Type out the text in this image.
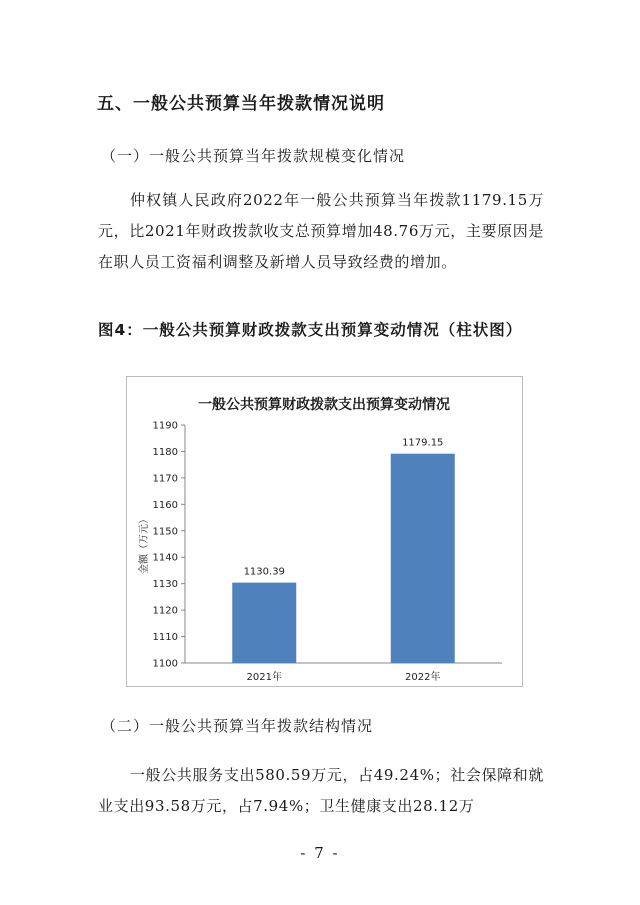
五、一般公共预算当年拨款情况说明
（一）一般公共预算当年拨款规模变化情况
仲权镇人民政府2022年一般公共预算当年拨款1179.15万元，比2021年财政拨款收支总预算增加48.76万元，主要原因是在职人员工资福利调整及新增人员导致经费的增加。
图4：一般公共预算财政拨款支出预算变动情况（柱状图）
一般公共预算财政拨款支出预算变动情况
金额（万元）
1100
1110
1120
1130
1140
1150
1160
1170
1180
1190
1130.39
2021年
1179.15
2022年
（二）一般公共预算当年拨款结构情况
一般公共服务支出580.59万元，占49.24%；社会保障和就业支出93.58万元，占7.94%；卫生健康支出28.12万
- 7 -
